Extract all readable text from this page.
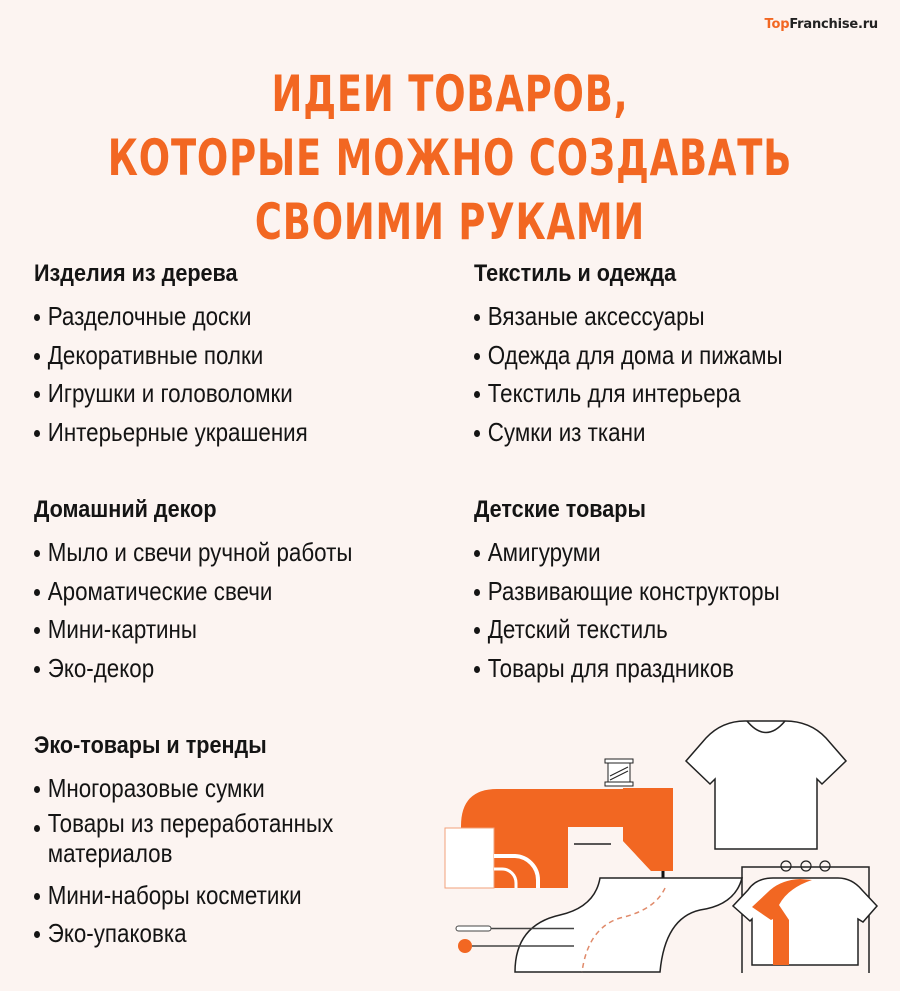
TopFranchise.ru
ИДЕИ ТОВАРОВ,
КОТОРЫЕ МОЖНО СОЗДАВАТЬ
СВОИМИ РУКАМИ
Изделия из дерева
Разделочные доски
Декоративные полки
Игрушки и головоломки
Интерьерные украшения
Текстиль и одежда
Вязаные аксессуары
Одежда для дома и пижамы
Текстиль для интерьера
Сумки из ткани
Домашний декор
Мыло и свечи ручной работы
Ароматические свечи
Мини-картины
Эко-декор
Детские товары
Амигуруми
Развивающие конструкторы
Детский текстиль
Товары для праздников
Эко-товары и тренды
Многоразовые сумки
Товары из переработанных материалов
Мини-наборы косметики
Эко-упаковка
